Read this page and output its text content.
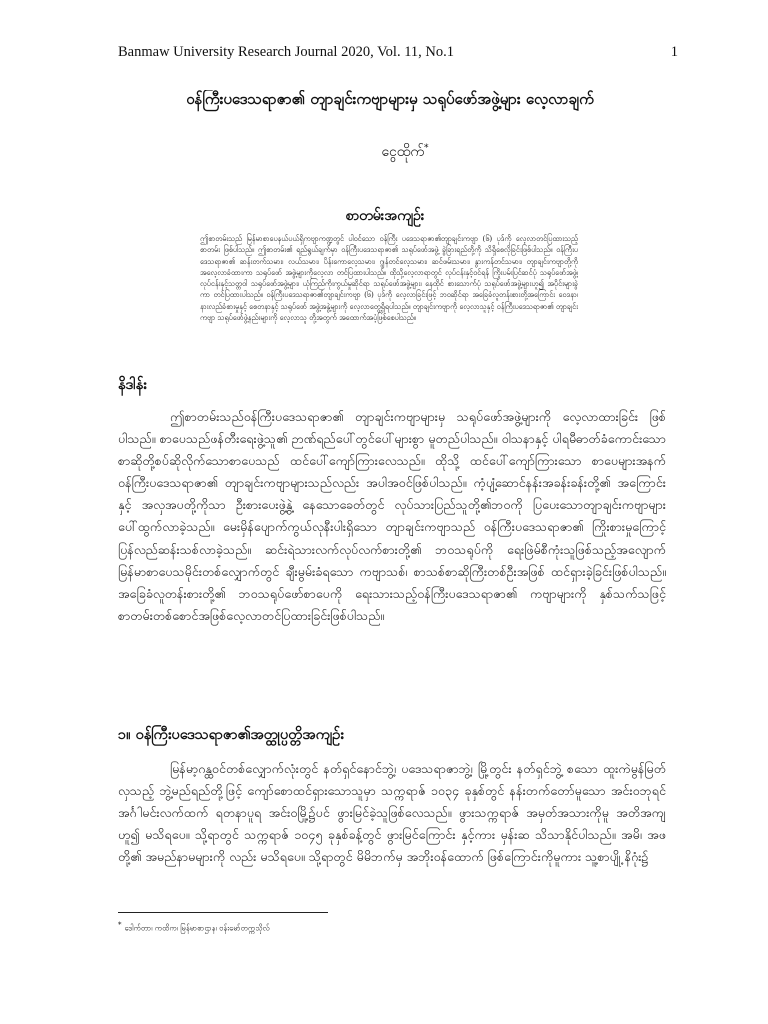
Banmaw University Research Journal 2020, Vol. 11, No.1	1
ဝန်ကြီးပဒေသရာဇာ၏ တျာချင်းကဗျာများမှ သရုပ်ဖော်အဖွဲ့များ လေ့လာချက်
ငွေထိုက်*
စာတမ်းအကျဉ်း

ဤစာတမ်းသည် မြန်မာစာပေနယ်ပယ်ရှိကဗျာကဏ္ဍတွင် ပါဝင်သော ဝန်ကြီး ပဒေသရာဇာ၏တျာချင်းကဗျာ (၆) ပုဒ်ကို လေ့လာတင်ပြထားသည့်စာတမ်း ဖြစ်ပါသည်။ ဤစာတမ်း၏ ရည်ရွယ်ချက်မှာ ဝန်ကြီးပဒေသရာဇာ၏ သရုပ်ဖော်အဖွဲ့ ခွဲခြားရည်တို့ကို သိရှိစေလိုခြင်းဖြစ်ပါသည်။ ဝန်ကြီးပဒေသရာဇာ၏ ဆန်းတက်သမား၊ လယ်သမား၊ ပိန်းကောလေ့သမား၊ ဂျွန်တင်လေ့သမား၊ ဆင်ဖမ်းသမား၊ နွားကန်တင်သမား၊ တျာချင်းကဗျာတို့ကို အလေ့လာခံထားကာ သရုပ်ဖော် အဖွဲ့များကိုလေ့လာ တင်ပြထားပါသည်။ ထိုသို့လေ့လာရာတွင် လုပ်ငန်းနှင့်ဝင်ရန် ကြိုးပမ်းပြင်ဆင်ပုံ သရုပ်ဖော်အဖွဲ့၊ လုပ်ငန်းနှင့်သတ္တဝါ သရုပ်ဖော်အဖွဲ့များ၊ ယုံကြည်ကိုးကွယ်မှုဆိုင်ရာ သရုပ်ဖော်အဖွဲ့များ၊ နေထိုင် စားသောက်ပုံ သရုပ်ဖော်အဖွဲ့များဟူ၍ အပိုင်းများခွဲကာ တင်ပြထားပါသည်။ ဝန်ကြီးပဒေသရာဇာ၏တျာချင်းကဗျာ (၆) ပုဒ်ကို လေ့လာခြင်းဖြင့် ဘဝဆိုင်ရာ အခြေခံလူတန်းစားတို့အကြောင်း ဝေဒနာ၊ နားလည်ခံစားမှုနှင့် စေတနာနှင့် သရုပ်ဖော် အဖွဲ့အနွဲ့များကို လေ့လာတွေ့ရှိရပါသည်။ တျာချင်းကဗျာကို လေ့လာသူနှင့် ဝန်ကြီးပဒေသရာဇာ၏ တျာချင်းကဗျာ သရုပ်ဖော်ဖွဲ့နည်းများကို လေ့လာသူ တို့အတွက် အထောက်အပံ့ဖြစ်စေပါသည်။

နိဒါန်း

ဤစာတမ်းသည်ဝန်ကြီးပဒေသရာဇာ၏ တျာချင်းကဗျာများမှ သရုပ်ဖော်အဖွဲ့များကို လေ့လာထားခြင်း ဖြစ်ပါသည်။ စာပေသည်ဖန်တီးရေးဖွဲ့သူ၏ ဉာဏ်ရည်ပေါ်တွင်ပေါ်များစွာ မူတည်ပါသည်။ ဝါသနာနှင့် ပါရမီဓာတ်ခံကောင်းသော စာဆိုတို့စပ်ဆိုလိုက်သောစာပေသည် ထင်ပေါ်ကျော်ကြားလေသည်။ ထိုသို့ ထင်ပေါ်ကျော်ကြားသော စာပေများအနက် ဝန်ကြီးပဒေသရာဇာ၏ တျာချင်းကဗျာများသည်လည်း အပါအဝင်ဖြစ်ပါသည်။ ကံ့ပျံ့ဆောင်နန်းအခန်းခန်းတို့၏ အကြောင်းနှင့် အလှအပတို့ကိုသာ ဦးစားပေးဖွဲ့နွဲ့ နေသောခေတ်တွင် လုပ်သားပြည်သူတို့၏ဘဝကို ပြပေးသောတျာချင်းကဗျာများပေါ်ထွက်လာခဲ့သည်။ မေးမှိန်ပျောက်ကွယ်လုနီးပါးရှိသော တျာချင်းကဗျာသည် ဝန်ကြီးပဒေသရာဇာ၏ ကြိုးစားမှုကြောင့် ပြန်လည်ဆန်းသစ်လာခဲ့သည်။ ဆင်းရဲသားလက်လုပ်လက်စားတို့၏ ဘဝသရုပ်ကို ရေးဖြဲမ်စီကုံးသူဖြစ်သည့်အလျောက် မြန်မာစာပေသမိုင်းတစ်လျှောက်တွင် ချီးမွမ်းခံရသော ကဗျာသစ်၊ စာသစ်စာဆိုကြီးတစ်ဦးအဖြစ် ထင်ရှားခဲ့ခြင်းဖြစ်ပါသည်။ အခြေခံလူတန်းစားတို့၏ ဘဝသရုပ်ဖော်စာပေကို ရေးသားသည့်ဝန်ကြီးပဒေသရာဇာ၏ ကဗျာများကို နှစ်သက်သဖြင့် စာတမ်းတစ်စောင်အဖြစ်လေ့လာတင်ပြထားခြင်းဖြစ်ပါသည်။

၁။ ဝန်ကြီးပဒေသရာဇာ၏အတ္ထုပ္ပတ္တိအကျဉ်း

မြန်မာ့ဂန္ထဝင်တစ်လျှောက်လုံးတွင် နတ်ရှင်နောင်ဘွဲ့၊ ပဒေသရာဇာဘွဲ့၊ မြို့တွင်း နတ်ရှင်ဘွဲ့ စသော ထူးကဲမွန်မြတ်လှသည့် ဘွဲ့မည်ရည်တို့ဖြင့် ကျော်စောထင်ရှားသောသူမှာ သက္ကရာဇ် ၁၀၃၄ ခုနှစ်တွင် နန်းတက်တော်မူသော အင်းဝဘုရင် အင်္ဂါမင်းလက်ထက် ရတနာပူရ အင်းဝမြို့၌ပင် ဖွားမြင်ခဲ့သူဖြစ်လေသည်။ ဖွားသက္ကရာဇ် အမှတ်အသားကိုမူ အတိအကျ ဟူ၍ မသိရပေ။ သို့ရာတွင် သက္ကရာဇ် ၁၀၄၅ ခုနှစ်ခန့်တွင် ဖွားမြင်ကြောင်း နှင့်ကား မှန်းဆ သိသာနိုင်ပါသည်။ အမိ၊ အဖတို့၏ အမည်နာမများကို လည်း မသိရပေ။ သို့ရာတွင် မိမိဘက်မှ အဘိုးဝန်ထောက် ဖြစ်ကြောင်းကိုမူကား သူ့စာပျို့ နိဂုံး၌

* ဒေါက်တာ၊ ကထိက၊ မြန်မာစာဌာန၊ ဗန်းမော်တက္ကသိုလ်
